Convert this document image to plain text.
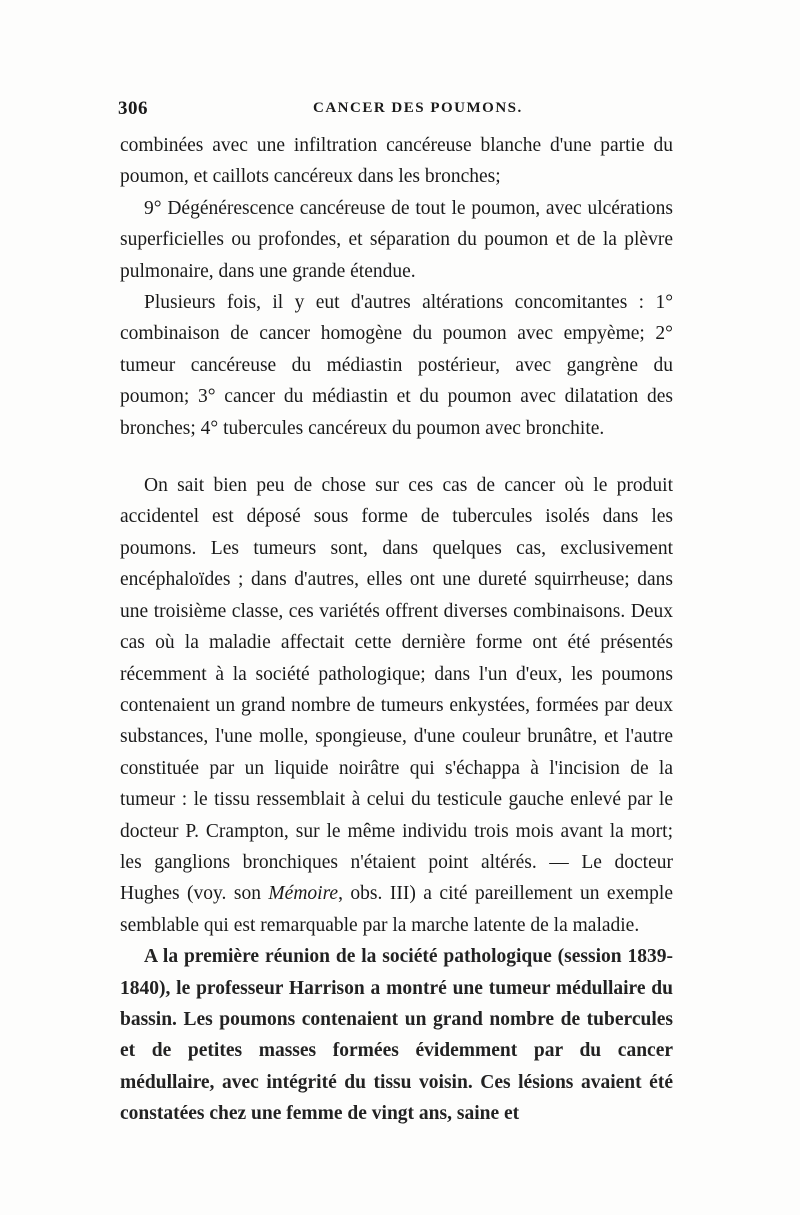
306	CANCER DES POUMONS.

combinées avec une infiltration cancéreuse blanche d'une partie du poumon, et caillots cancéreux dans les bronches;

9° Dégénérescence cancéreuse de tout le poumon, avec ulcérations superficielles ou profondes, et séparation du poumon et de la plèvre pulmonaire, dans une grande étendue.

Plusieurs fois, il y eut d'autres altérations concomitantes : 1° combinaison de cancer homogène du poumon avec empyème; 2° tumeur cancéreuse du médiastin postérieur, avec gangrène du poumon; 3° cancer du médiastin et du poumon avec dilatation des bronches; 4° tubercules cancéreux du poumon avec bronchite.

On sait bien peu de chose sur ces cas de cancer où le produit accidentel est déposé sous forme de tubercules isolés dans les poumons. Les tumeurs sont, dans quelques cas, exclusivement encéphaloïdes ; dans d'autres, elles ont une dureté squirrheuse; dans une troisième classe, ces variétés offrent diverses combinaisons. Deux cas où la maladie affectait cette dernière forme ont été présentés récemment à la société pathologique; dans l'un d'eux, les poumons contenaient un grand nombre de tumeurs enkystées, formées par deux substances, l'une molle, spongieuse, d'une couleur brunâtre, et l'autre constituée par un liquide noirâtre qui s'échappa à l'incision de la tumeur : le tissu ressemblait à celui du testicule gauche enlevé par le docteur P. Crampton, sur le même individu trois mois avant la mort; les ganglions bronchiques n'étaient point altérés. — Le docteur Hughes (voy. son Mémoire, obs. III) a cité pareillement un exemple semblable qui est remarquable par la marche latente de la maladie.

A la première réunion de la société pathologique (session 1839-1840), le professeur Harrison a montré une tumeur médullaire du bassin. Les poumons contenaient un grand nombre de tubercules et de petites masses formées évidemment par du cancer médullaire, avec intégrité du tissu voisin. Ces lésions avaient été constatées chez une femme de vingt ans, saine et
